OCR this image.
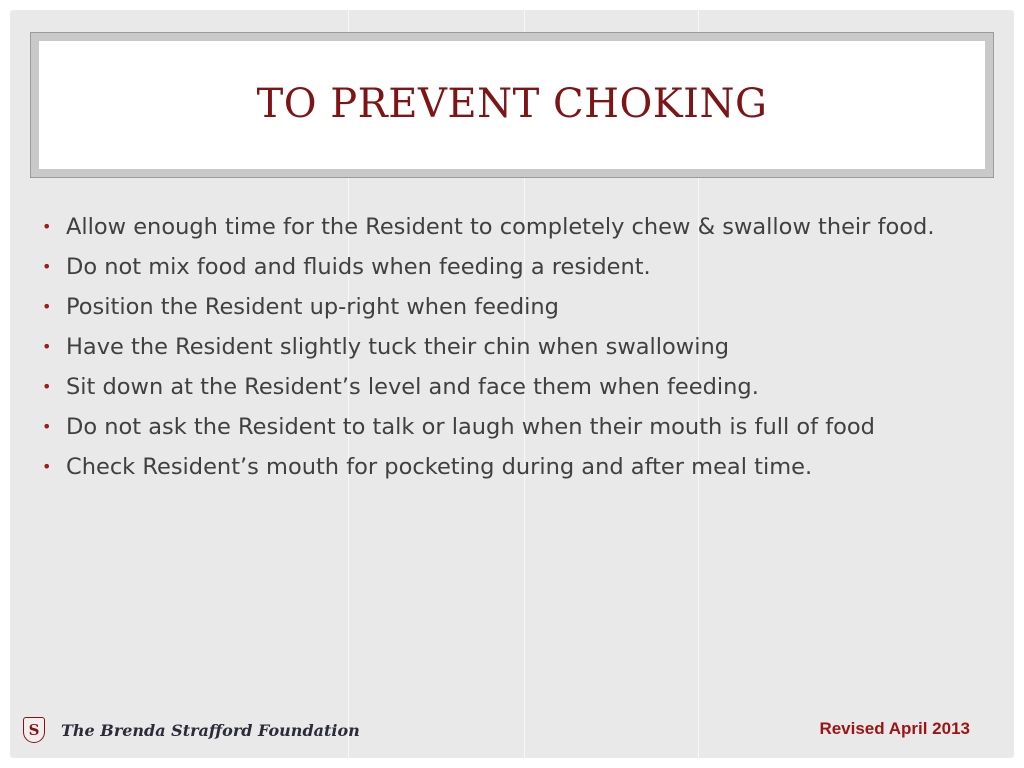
TO PREVENT CHOKING
• Allow enough time for the Resident to completely chew & swallow their food.
• Do not mix food and fluids when feeding a resident.
• Position the Resident up-right when feeding
• Have the Resident slightly tuck their chin when swallowing
• Sit down at the Resident’s level and face them when feeding.
• Do not ask the Resident to talk or laugh when their mouth is full of food
• Check Resident’s mouth for pocketing during and after meal time.
S	The Brenda Strafford Foundation	Revised April 2013
